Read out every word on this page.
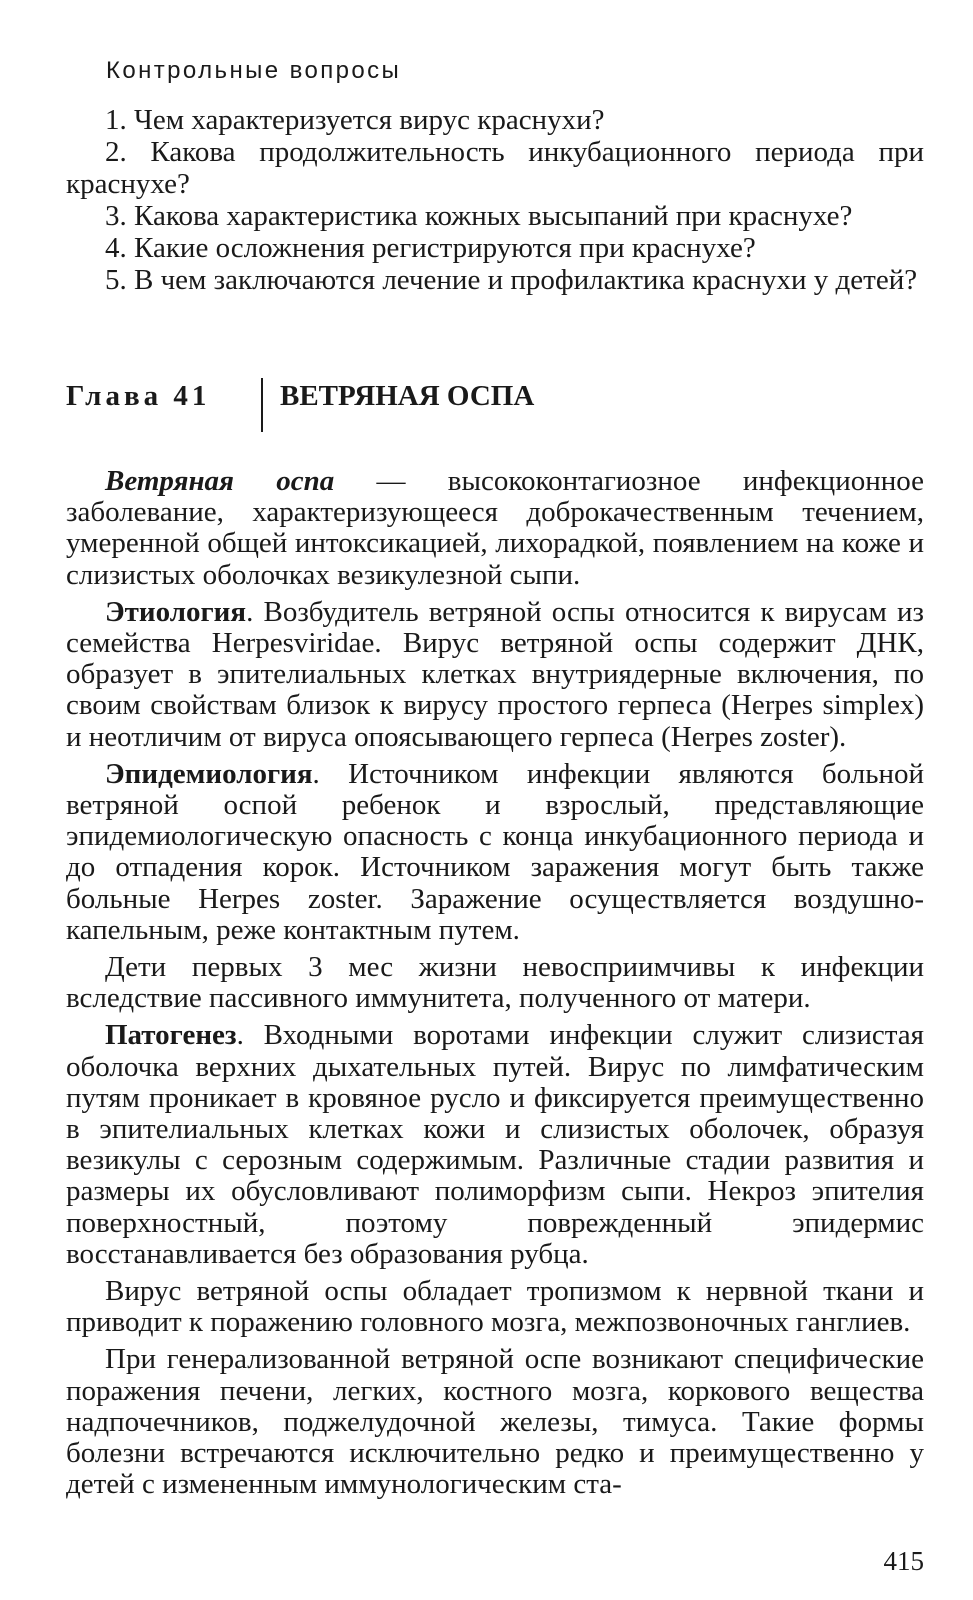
Контрольные вопросы
1. Чем характеризуется вирус краснухи?
2. Какова продолжительность инкубационного периода при краснухе?
3. Какова характеристика кожных высыпаний при краснухе?
4. Какие осложнения регистрируются при краснухе?
5. В чем заключаются лечение и профилактика краснухи у детей?
Глава 41 ВЕТРЯНАЯ ОСПА

Ветряная оспа — высококонтагиозное инфекционное заболевание, характеризующееся доброкачественным течением, умеренной общей интоксикацией, лихорадкой, появлением на коже и слизистых оболочках везикулезной сыпи.

Этиология. Возбудитель ветряной оспы относится к вирусам из семейства Herpesviridae. Вирус ветряной оспы содержит ДНК, образует в эпителиальных клетках внутриядерные включения, по своим свойствам близок к вирусу простого герпеса (Herpes simplex) и неотличим от вируса опоясывающего герпеса (Herpes zoster).

Эпидемиология. Источником инфекции являются больной ветряной оспой ребенок и взрослый, представляющие эпидемиологическую опасность с конца инкубационного периода и до отпадения корок. Источником заражения могут быть также больные Herpes zoster. Заражение осуществляется воздушно-капельным, реже контактным путем.

Дети первых 3 мес жизни невосприимчивы к инфекции вследствие пассивного иммунитета, полученного от матери.

Патогенез. Входными воротами инфекции служит слизистая оболочка верхних дыхательных путей. Вирус по лимфатическим путям проникает в кровяное русло и фиксируется преимущественно в эпителиальных клетках кожи и слизистых оболочек, образуя везикулы с серозным содержимым. Различные стадии развития и размеры их обусловливают полиморфизм сыпи. Некроз эпителия поверхностный, поэтому поврежденный эпидермис восстанавливается без образования рубца.

Вирус ветряной оспы обладает тропизмом к нервной ткани и приводит к поражению головного мозга, межпозвоночных ганглиев.

При генерализованной ветряной оспе возникают специфические поражения печени, легких, костного мозга, коркового вещества надпочечников, поджелудочной железы, тимуса. Такие формы болезни встречаются исключительно редко и преимущественно у детей с измененным иммунологическим ста-

415
